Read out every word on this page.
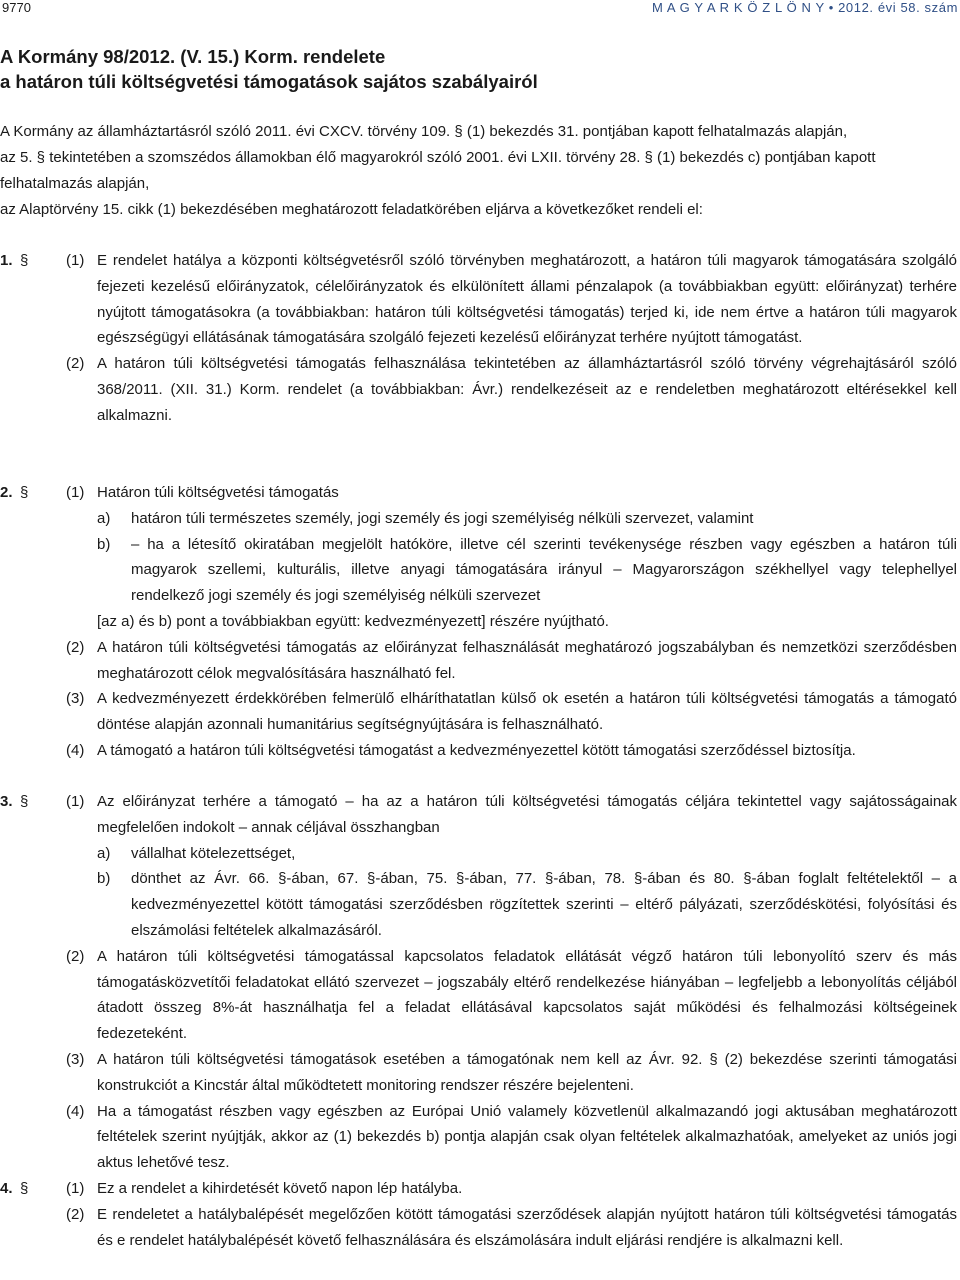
9770	M A G Y A R K Ö Z L Ö N Y • 2012. évi 58. szám
A Kormány 98/2012. (V. 15.) Korm. rendelete
a határon túli költségvetési támogatások sajátos szabályairól
A Kormány az államháztartásról szóló 2011. évi CXCV. törvény 109. § (1) bekezdés 31. pontjában kapott felhatalmazás alapján,
az 5. § tekintetében a szomszédos államokban élő magyarokról szóló 2001. évi LXII. törvény 28. § (1) bekezdés c) pontjában kapott
felhatalmazás alapján,
az Alaptörvény 15. cikk (1) bekezdésében meghatározott feladatkörében eljárva a következőket rendeli el:
1. §	(1) E rendelet hatálya a központi költségvetésről szóló törvényben meghatározott, a határon túli magyarok támogatására szolgáló fejezeti kezelésű előirányzatok, célelőirányzatok és elkülönített állami pénzalapok (a továbbiakban együtt: előirányzat) terhére nyújtott támogatásokra (a továbbiakban: határon túli költségvetési támogatás) terjed ki, ide nem értve a határon túli magyarok egészségügyi ellátásának támogatására szolgáló fejezeti kezelésű előirányzat terhére nyújtott támogatást.
(2) A határon túli költségvetési támogatás felhasználása tekintetében az államháztartásról szóló törvény végrehajtásáról szóló 368/2011. (XII. 31.) Korm. rendelet (a továbbiakban: Ávr.) rendelkezéseit az e rendeletben meghatározott eltérésekkel kell alkalmazni.
2. §	(1) Határon túli költségvetési támogatás
a) határon túli természetes személy, jogi személy és jogi személyiség nélküli szervezet, valamint
b) – ha a létesítő okiratában megjelölt hatóköre, illetve cél szerinti tevékenysége részben vagy egészben a határon túli magyarok szellemi, kulturális, illetve anyagi támogatására irányul – Magyarországon székhellyel vagy telephellyel rendelkező jogi személy és jogi személyiség nélküli szervezet
[az a) és b) pont a továbbiakban együtt: kedvezményezett] részére nyújtható.
(2) A határon túli költségvetési támogatás az előirányzat felhasználását meghatározó jogszabályban és nemzetközi szerződésben meghatározott célok megvalósítására használható fel.
(3) A kedvezményezett érdekkörében felmerülő elháríthatatlan külső ok esetén a határon túli költségvetési támogatás a támogató döntése alapján azonnali humanitárius segítségnyújtására is felhasználható.
(4) A támogató a határon túli költségvetési támogatást a kedvezményezettel kötött támogatási szerződéssel biztosítja.
3. §	(1) Az előirányzat terhére a támogató – ha az a határon túli költségvetési támogatás céljára tekintettel vagy sajátosságainak megfelelően indokolt – annak céljával összhangban
a) vállalhat kötelezettséget,
b) dönthet az Ávr. 66. §-ában, 67. §-ában, 75. §-ában, 77. §-ában, 78. §-ában és 80. §-ában foglalt feltételektől – a kedvezményezettel kötött támogatási szerződésben rögzítettek szerinti – eltérő pályázati, szerződéskötési, folyósítási és elszámolási feltételek alkalmazásáról.
(2) A határon túli költségvetési támogatással kapcsolatos feladatok ellátását végző határon túli lebonyolító szerv és más támogatásközvetítői feladatokat ellátó szervezet – jogszabály eltérő rendelkezése hiányában – legfeljebb a lebonyolítás céljából átadott összeg 8%-át használhatja fel a feladat ellátásával kapcsolatos saját működési és felhalmozási költségeinek fedezeteként.
(3) A határon túli költségvetési támogatások esetében a támogatónak nem kell az Ávr. 92. § (2) bekezdése szerinti támogatási konstrukciót a Kincstár által működtetett monitoring rendszer részére bejelenteni.
(4) Ha a támogatást részben vagy egészben az Európai Unió valamely közvetlenül alkalmazandó jogi aktusában meghatározott feltételek szerint nyújtják, akkor az (1) bekezdés b) pontja alapján csak olyan feltételek alkalmazhatóak, amelyeket az uniós jogi aktus lehetővé tesz.
4. §	(1) Ez a rendelet a kihirdetését követő napon lép hatályba.
(2) E rendeletet a hatálybalépését megelőzően kötött támogatási szerződések alapján nyújtott határon túli költségvetési támogatás és e rendelet hatálybalépését követő felhasználására és elszámolására indult eljárási rendjére is alkalmazni kell.
